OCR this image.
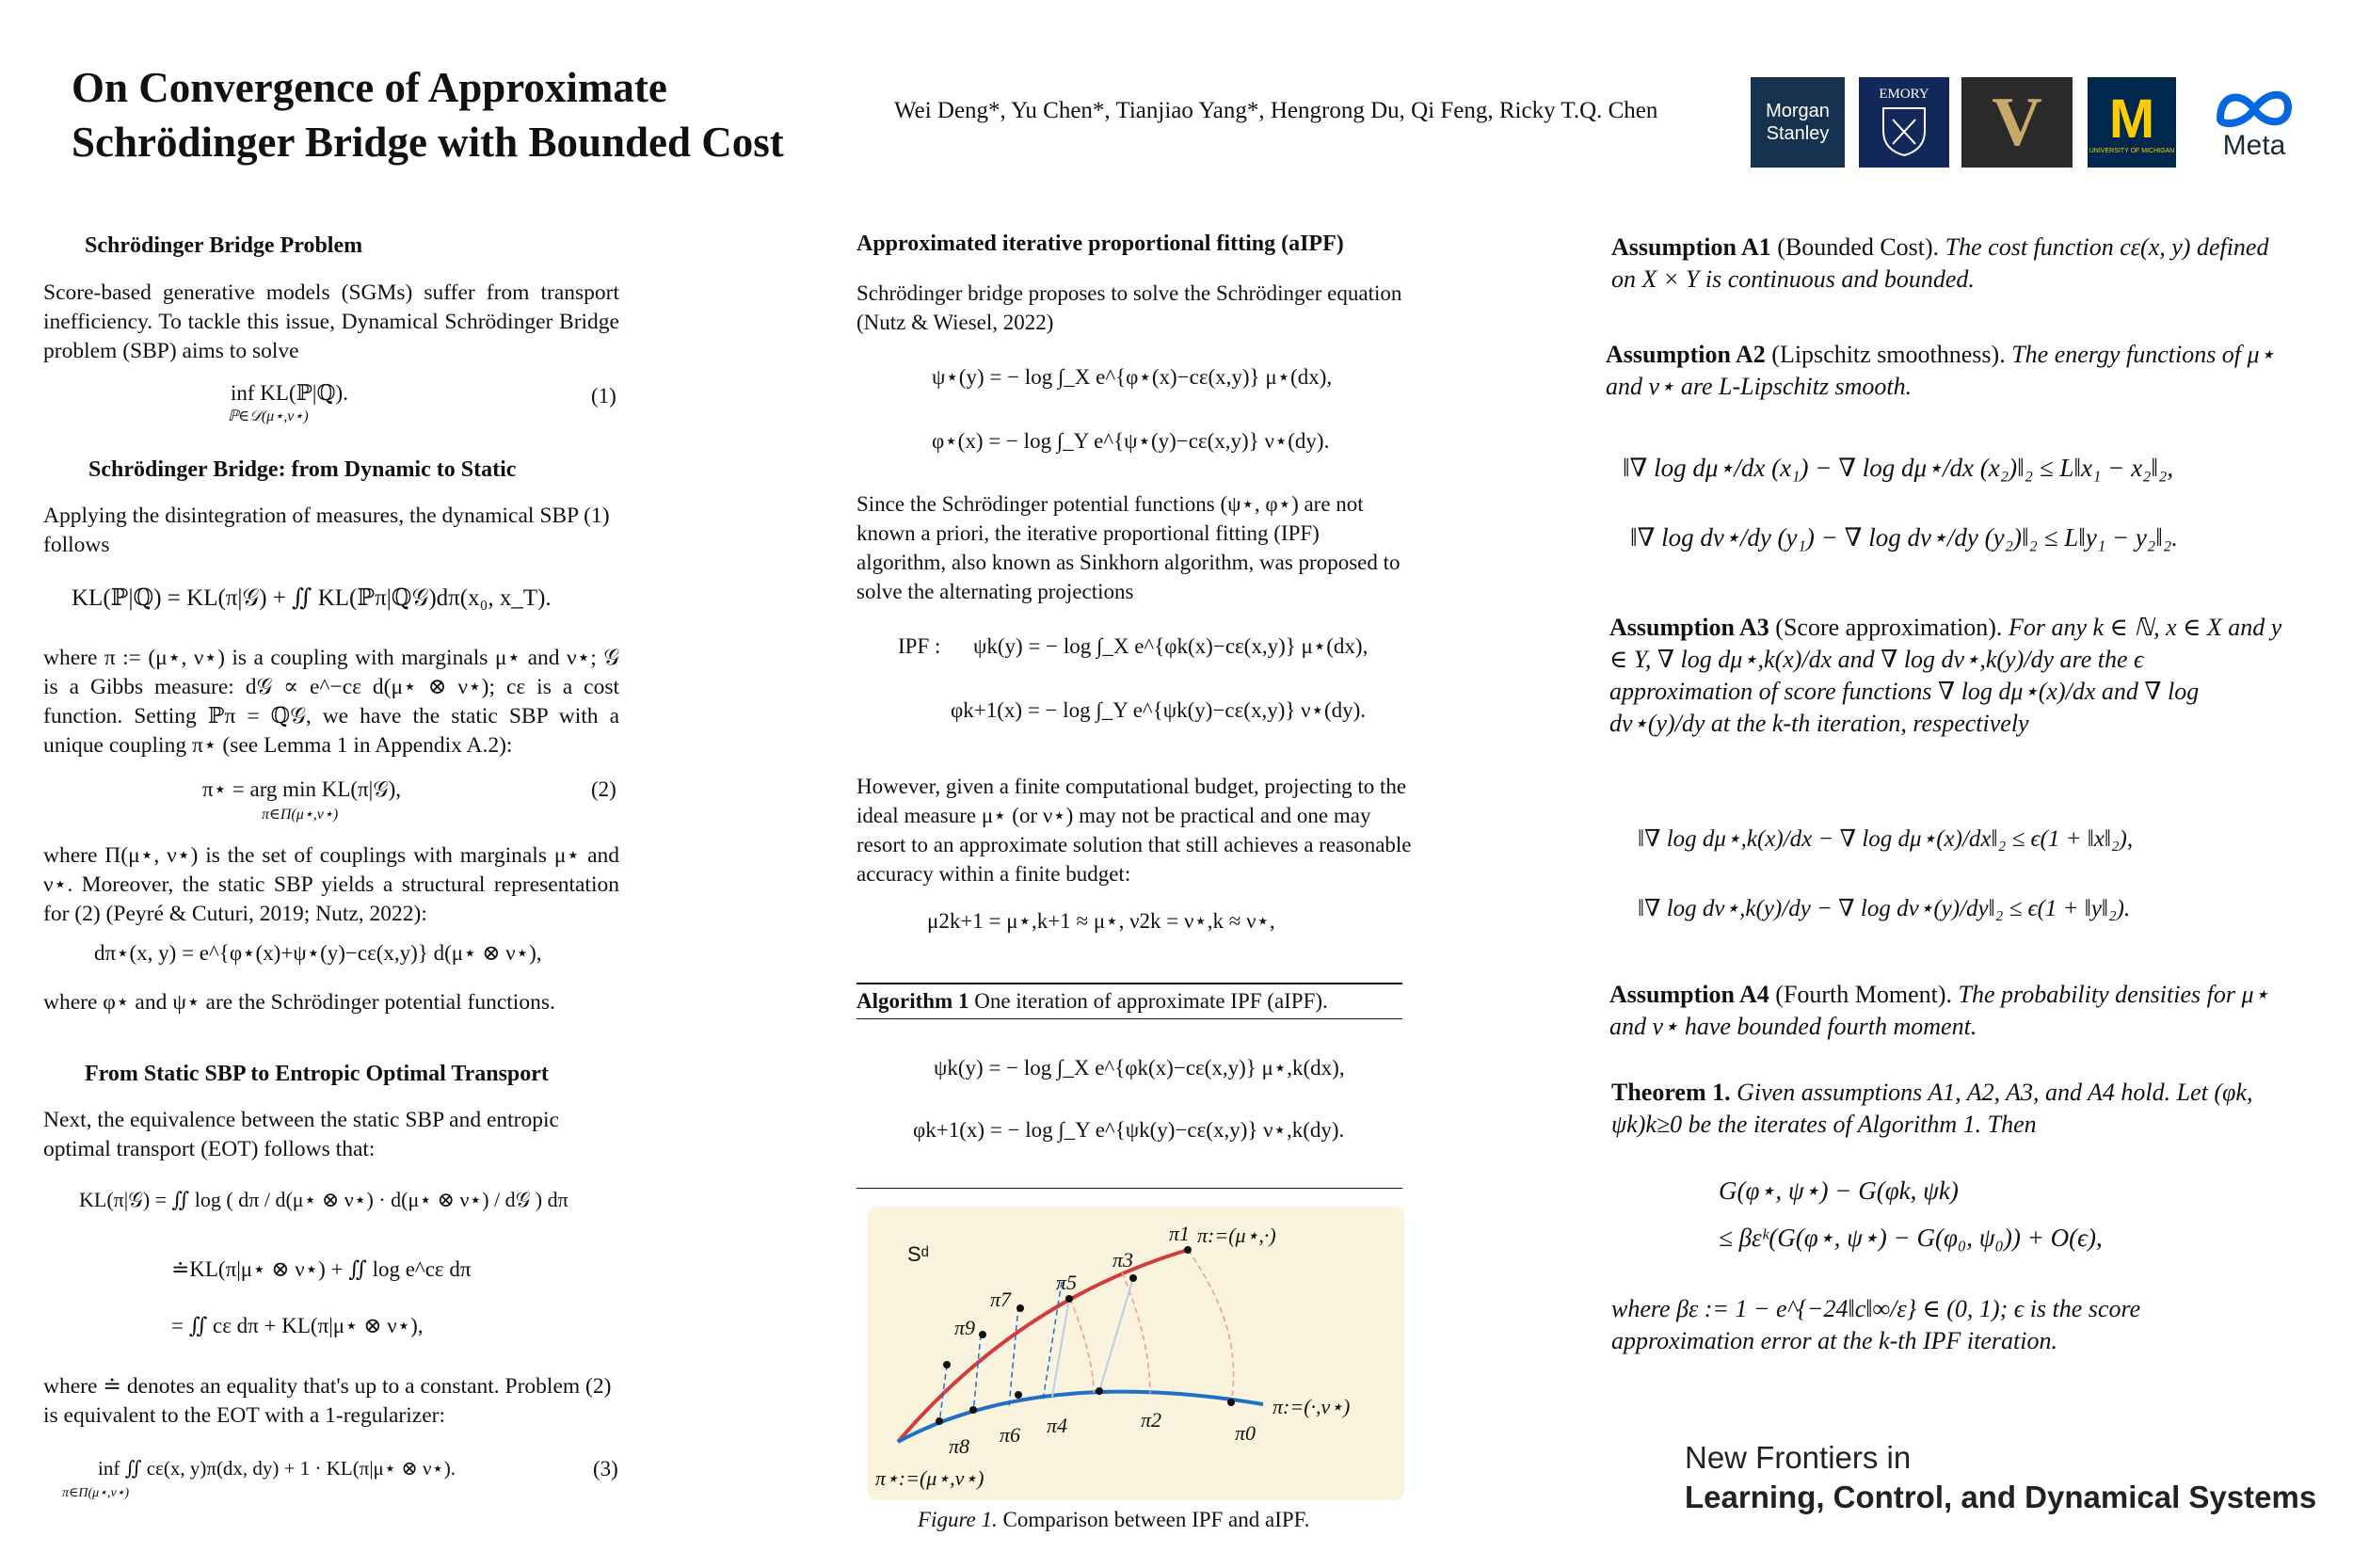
On Convergence of Approximate
Schrödinger Bridge with Bounded Cost
Wei Deng*, Yu Chen*, Tianjiao Yang*, Hengrong Du, Qi Feng, Ricky T.Q. Chen	Morgan Stanley
EMORY V M
UNIVERSITY OF MICHIGAN Meta
Schrödinger Bridge Problem
Score-based generative models (SGMs) suffer from transport inefficiency. To tackle this issue, Dynamical Schrödinger Bridge problem (SBP) aims to solve
inf KL(ℙ|ℚ).
ℙ∈𝒟(μ⋆,ν⋆)
(1)
Schrödinger Bridge: from Dynamic to Static
Applying the disintegration of measures, the dynamical SBP (1) follows
KL(ℙ|ℚ) = KL(π|𝒢) + ∬ KL(ℙπ|ℚ𝒢)dπ(x₀, x_T).
where π := (μ⋆, ν⋆) is a coupling with marginals μ⋆ and ν⋆; 𝒢 is a Gibbs measure: d𝒢 ∝ e^−cε d(μ⋆ ⊗ ν⋆); cε is a cost function. Setting ℙπ = ℚ𝒢, we have the static SBP with a unique coupling π⋆ (see Lemma 1 in Appendix A.2):
π⋆ = arg min KL(π|𝒢),
π∈Π(μ⋆,ν⋆)
(2)
where Π(μ⋆, ν⋆) is the set of couplings with marginals μ⋆ and ν⋆. Moreover, the static SBP yields a structural representation for (2) (Peyré & Cuturi, 2019; Nutz, 2022):
dπ⋆(x, y) = e^{φ⋆(x)+ψ⋆(y)−cε(x,y)} d(μ⋆ ⊗ ν⋆),
where φ⋆ and ψ⋆ are the Schrödinger potential functions.
From Static SBP to Entropic Optimal Transport
Next, the equivalence between the static SBP and entropic optimal transport (EOT) follows that:
KL(π|𝒢) = ∬ log ( dπ / d(μ⋆ ⊗ ν⋆) · d(μ⋆ ⊗ ν⋆) / d𝒢 ) dπ
≐KL(π|μ⋆ ⊗ ν⋆) + ∬ log e^cε dπ
= ∬ cε dπ + KL(π|μ⋆ ⊗ ν⋆),
where ≐ denotes an equality that's up to a constant. Problem (2) is equivalent to the EOT with a 1-regularizer:
inf ∬ cε(x, y)π(dx, dy) + 1 · KL(π|μ⋆ ⊗ ν⋆).
π∈Π(μ⋆,ν⋆)
(3)
Approximated iterative proportional fitting (aIPF)
Schrödinger bridge proposes to solve the Schrödinger equation (Nutz & Wiesel, 2022)
ψ⋆(y) = − log ∫_X e^{φ⋆(x)−cε(x,y)} μ⋆(dx),
φ⋆(x) = − log ∫_Y e^{ψ⋆(y)−cε(x,y)} ν⋆(dy).
Since the Schrödinger potential functions (ψ⋆, φ⋆) are not known a priori, the iterative proportional fitting (IPF) algorithm, also known as Sinkhorn algorithm, was proposed to solve the alternating projections
IPF : ψk(y) = − log ∫_X e^{φk(x)−cε(x,y)} μ⋆(dx),
φk+1(x) = − log ∫_Y e^{ψk(y)−cε(x,y)} ν⋆(dy).
However, given a finite computational budget, projecting to the ideal measure μ⋆ (or ν⋆) may not be practical and one may resort to an approximate solution that still achieves a reasonable accuracy within a finite budget:
μ2k+1 = μ⋆,k+1 ≈ μ⋆, ν2k = ν⋆,k ≈ ν⋆,
Algorithm 1 One iteration of approximate IPF (aIPF).
ψk(y) = − log ∫_X e^{φk(x)−cε(x,y)} μ⋆,k(dx),
φk+1(x) = − log ∫_Y e^{ψk(y)−cε(x,y)} ν⋆,k(dy).
Sᵈ
π:=(μ⋆,·)
π:=(·,ν⋆)
π⋆:=(μ⋆,ν⋆)
π1
π3
π5
π7
π9
π8 π6 π4	π2
π0
Figure 1. Comparison between IPF and aIPF.
Assumption A1 (Bounded Cost). The cost function cε(x, y) defined on X × Y is continuous and bounded.
Assumption A2 (Lipschitz smoothness). The energy functions of μ⋆ and ν⋆ are L-Lipschitz smooth.
‖∇ log dμ⋆/dx (x₁) − ∇ log dμ⋆/dx (x₂)‖₂ ≤ L‖x₁ − x₂‖₂,
‖∇ log dν⋆/dy (y₁) − ∇ log dν⋆/dy (y₂)‖₂ ≤ L‖y₁ − y₂‖₂.
Assumption A3 (Score approximation). For any k ∈ ℕ, x ∈ X and y ∈ Y, ∇ log dμ⋆,k(x)/dx and ∇ log dν⋆,k(y)/dy are the ϵ approximation of score functions ∇ log dμ⋆(x)/dx and ∇ log dν⋆(y)/dy at the k-th iteration, respectively
‖∇ log dμ⋆,k(x)/dx − ∇ log dμ⋆(x)/dx‖₂ ≤ ϵ(1 + ‖x‖₂),
‖∇ log dν⋆,k(y)/dy − ∇ log dν⋆(y)/dy‖₂ ≤ ϵ(1 + ‖y‖₂).
Assumption A4 (Fourth Moment). The probability densities for μ⋆ and ν⋆ have bounded fourth moment.
Theorem 1. Given assumptions A1, A2, A3, and A4 hold. Let (φk, ψk)k≥0 be the iterates of Algorithm 1. Then
G(φ⋆, ψ⋆) − G(φk, ψk)
≤ βεᵏ(G(φ⋆, ψ⋆) − G(φ₀, ψ₀)) + O(ϵ),
where βε := 1 − e^{−24‖c‖∞/ε} ∈ (0, 1); ϵ is the score approximation error at the k-th IPF iteration.
New Frontiers in
Learning, Control, and Dynamical Systems
